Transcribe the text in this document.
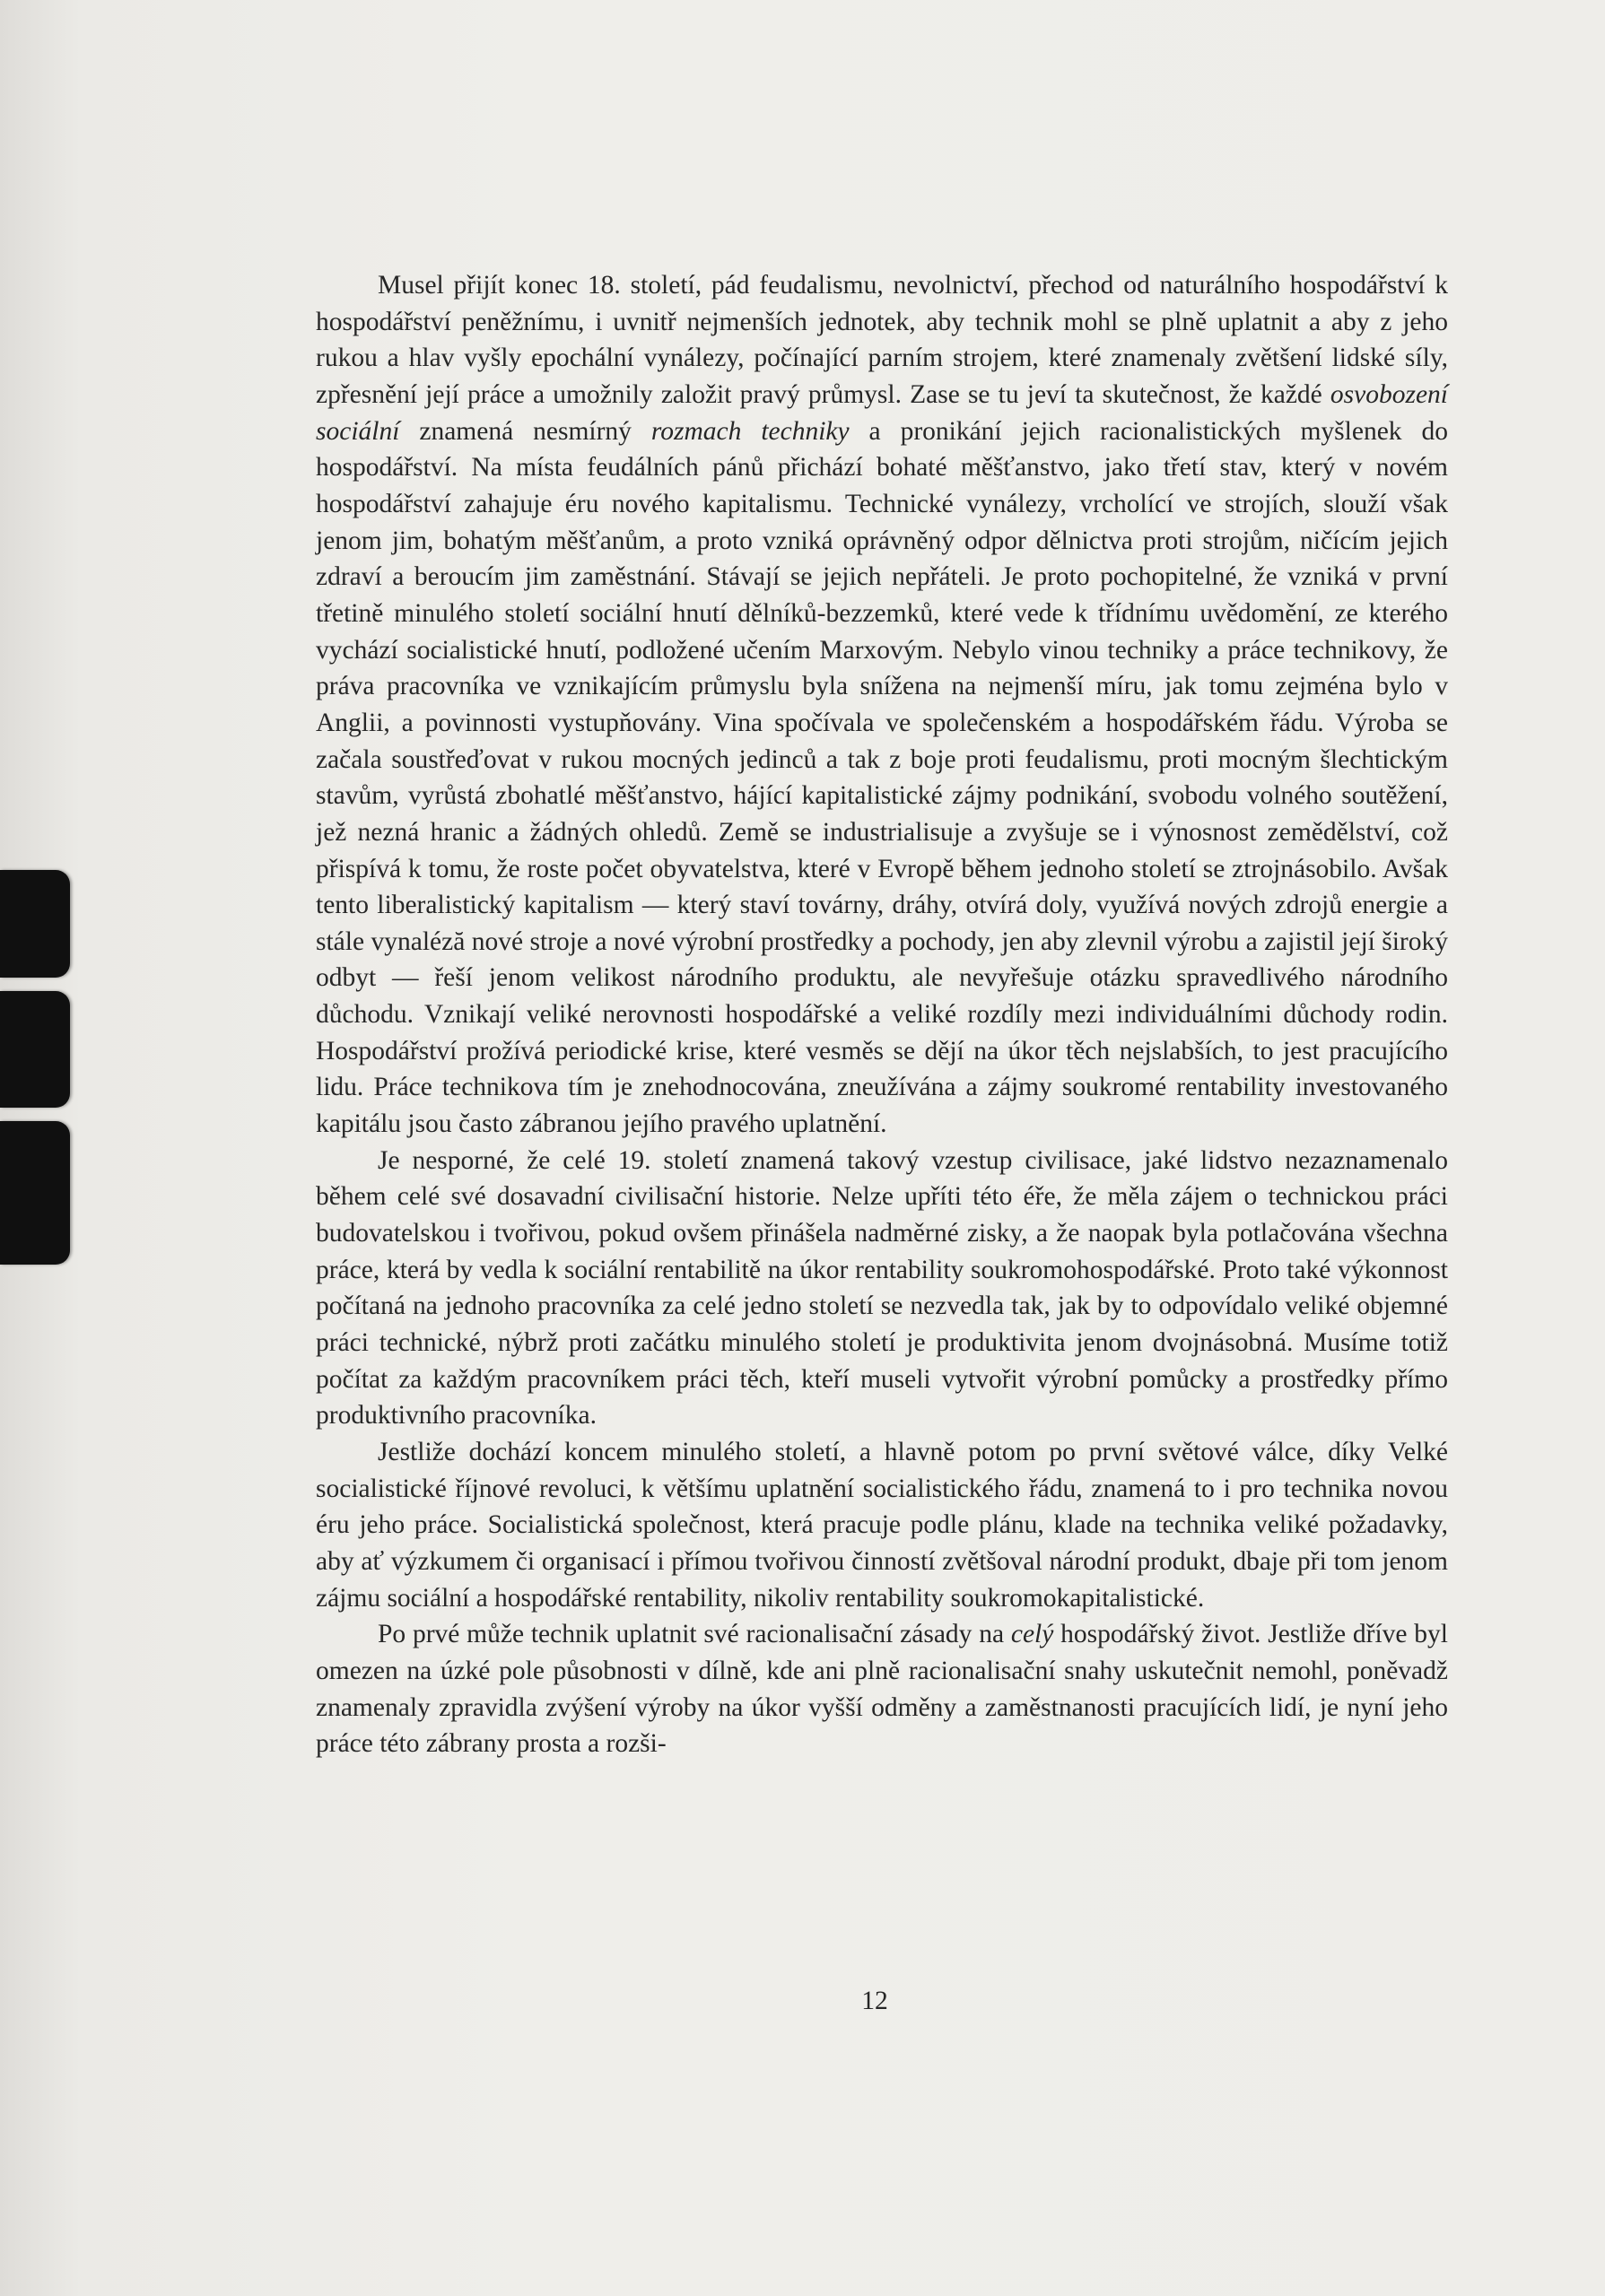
Musel přijít konec 18. století, pád feudalismu, nevolnictví, přechod od naturálního hospodářství k hospodářství peněžnímu, i uvnitř nejmenších jednotek, aby technik mohl se plně uplatnit a aby z jeho rukou a hlav vyšly epochální vynálezy, počínající parním strojem, které znamenaly zvětšení lidské síly, zpřesnění její práce a umožnily založit pravý průmysl. Zase se tu jeví ta skutečnost, že každé osvobození sociální znamená nesmírný rozmach techniky a pronikání jejich racionalistických myšlenek do hospodářství. Na místa feudálních pánů přichází bohaté měšťanstvo, jako třetí stav, který v novém hospodářství zahajuje éru nového kapitalismu. Technické vynálezy, vrcholící ve strojích, slouží však jenom jim, bohatým měšťanům, a proto vzniká oprávněný odpor dělnictva proti strojům, ničícím jejich zdraví a beroucím jim zaměstnání. Stávají se jejich nepřáteli. Je proto pochopitelné, že vzniká v první třetině minulého století sociální hnutí dělníků-bezzemků, které vede k třídnímu uvědomění, ze kterého vychází socialistické hnutí, podložené učením Marxovým. Nebylo vinou techniky a práce technikovy, že práva pracovníka ve vznikajícím průmyslu byla snížena na nejmenší míru, jak tomu zejména bylo v Anglii, a povinnosti vystupňovány. Vina spočívala ve společenském a hospodářském řádu. Výroba se začala soustřeďovat v rukou mocných jedinců a tak z boje proti feudalismu, proti mocným šlechtickým stavům, vyrůstá zbohatlé měšťanstvo, hájící kapitalistické zájmy podnikání, svobodu volného soutěžení, jež nezná hranic a žádných ohledů. Země se industrialisuje a zvyšuje se i výnosnost zemědělství, což přispívá k tomu, že roste počet obyvatelstva, které v Evropě během jednoho století se ztrojnásobilo. Avšak tento liberalistický kapitalism — který staví továrny, dráhy, otvírá doly, využívá nových zdrojů energie a stále vynaléză nové stroje a nové výrobní prostředky a pochody, jen aby zlevnil výrobu a zajistil její široký odbyt — řeší jenom velikost národního produktu, ale nevyřešuje otázku spravedlivého národního důchodu. Vznikají veliké nerovnosti hospodářské a veliké rozdíly mezi individuálními důchody rodin. Hospodářství prožívá periodické krise, které vesměs se dějí na úkor těch nejslabších, to jest pracujícího lidu. Práce technikova tím je znehodnocována, zneužívána a zájmy soukromé rentability investovaného kapitálu jsou často zábranou jejího pravého uplatnění.

Je nesporné, že celé 19. století znamená takový vzestup civilisace, jaké lidstvo nezaznamenalo během celé své dosavadní civilisační historie. Nelze upříti této éře, že měla zájem o technickou práci budovatelskou i tvořivou, pokud ovšem přinášela nadměrné zisky, a že naopak byla potlačována všechna práce, která by vedla k sociální rentabilitě na úkor rentability soukromohospodářské. Proto také výkonnost počítaná na jednoho pracovníka za celé jedno století se nezvedla tak, jak by to odpovídalo veliké objemné práci technické, nýbrž proti začátku minulého století je produktivita jenom dvojnásobná. Musíme totiž počítat za každým pracovníkem práci těch, kteří museli vytvořit výrobní pomůcky a prostředky přímo produktivního pracovníka.

Jestliže dochází koncem minulého století, a hlavně potom po první světové válce, díky Velké socialistické říjnové revoluci, k většímu uplatnění socialistického řádu, znamená to i pro technika novou éru jeho práce. Socialistická společnost, která pracuje podle plánu, klade na technika veliké požadavky, aby ať výzkumem či organisací i přímou tvořivou činností zvětšoval národní produkt, dbaje při tom jenom zájmu sociální a hospodářské rentability, nikoliv rentability soukromokapitalistické.

Po prvé může technik uplatnit své racionalisační zásady na celý hospodářský život. Jestliže dříve byl omezen na úzké pole působnosti v dílně, kde ani plně racionalisační snahy uskutečnit nemohl, poněvadž znamenaly zpravidla zvýšení výroby na úkor vyšší odměny a zaměstnanosti pracujících lidí, je nyní jeho práce této zábrany prosta a rozši-

12
